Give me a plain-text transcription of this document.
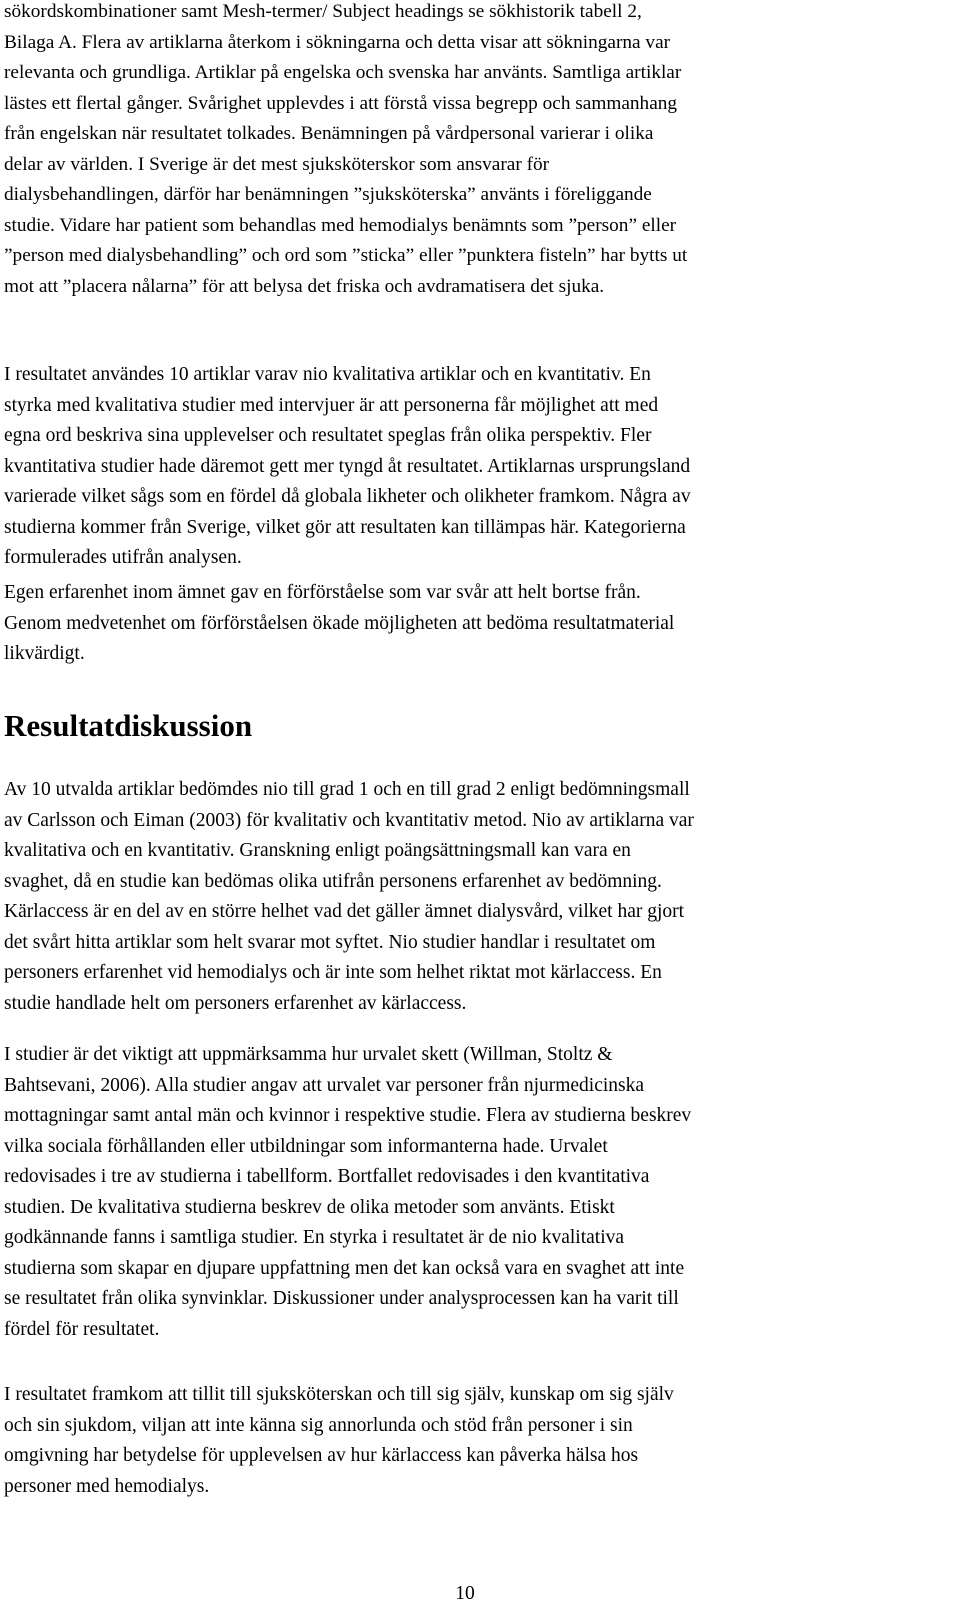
sökordskombinationer samt Mesh-termer/ Subject headings se sökhistorik tabell 2,
Bilaga A. Flera av artiklarna återkom i sökningarna och detta visar att sökningarna var
relevanta och grundliga. Artiklar på engelska och svenska har använts. Samtliga artiklar
lästes ett flertal gånger. Svårighet upplevdes i att förstå vissa begrepp och sammanhang
från engelskan när resultatet tolkades. Benämningen på vårdpersonal varierar i olika
delar av världen. I Sverige är det mest sjuksköterskor som ansvarar för
dialysbehandlingen, därför har benämningen ”sjuksköterska” använts i föreliggande
studie. Vidare har patient som behandlas med hemodialys benämnts som ”person” eller
”person med dialysbehandling” och ord som ”sticka” eller ”punktera fisteln” har bytts ut
mot att ”placera nålarna” för att belysa det friska och avdramatisera det sjuka.

I resultatet användes 10 artiklar varav nio kvalitativa artiklar och en kvantitativ. En
styrka med kvalitativa studier med intervjuer är att personerna får möjlighet att med
egna ord beskriva sina upplevelser och resultatet speglas från olika perspektiv. Fler
kvantitativa studier hade däremot gett mer tyngd åt resultatet. Artiklarnas ursprungsland
varierade vilket sågs som en fördel då globala likheter och olikheter framkom. Några av
studierna kommer från Sverige, vilket gör att resultaten kan tillämpas här. Kategorierna
formulerades utifrån analysen.

Egen erfarenhet inom ämnet gav en förförståelse som var svår att helt bortse från.
Genom medvetenhet om förförståelsen ökade möjligheten att bedöma resultatmaterial
likvärdigt.

Resultatdiskussion

Av 10 utvalda artiklar bedömdes nio till grad 1 och en till grad 2 enligt bedömningsmall
av Carlsson och Eiman (2003) för kvalitativ och kvantitativ metod. Nio av artiklarna var
kvalitativa och en kvantitativ. Granskning enligt poängsättningsmall kan vara en
svaghet, då en studie kan bedömas olika utifrån personens erfarenhet av bedömning.
Kärlaccess är en del av en större helhet vad det gäller ämnet dialysvård, vilket har gjort
det svårt hitta artiklar som helt svarar mot syftet. Nio studier handlar i resultatet om
personers erfarenhet vid hemodialys och är inte som helhet riktat mot kärlaccess. En
studie handlade helt om personers erfarenhet av kärlaccess.

I studier är det viktigt att uppmärksamma hur urvalet skett (Willman, Stoltz &
Bahtsevani, 2006). Alla studier angav att urvalet var personer från njurmedicinska
mottagningar samt antal män och kvinnor i respektive studie. Flera av studierna beskrev
vilka sociala förhållanden eller utbildningar som informanterna hade. Urvalet
redovisades i tre av studierna i tabellform. Bortfallet redovisades i den kvantitativa
studien. De kvalitativa studierna beskrev de olika metoder som använts. Etiskt
godkännande fanns i samtliga studier. En styrka i resultatet är de nio kvalitativa
studierna som skapar en djupare uppfattning men det kan också vara en svaghet att inte
se resultatet från olika synvinklar. Diskussioner under analysprocessen kan ha varit till
fördel för resultatet.

I resultatet framkom att tillit till sjuksköterskan och till sig själv, kunskap om sig själv
och sin sjukdom, viljan att inte känna sig annorlunda och stöd från personer i sin
omgivning har betydelse för upplevelsen av hur kärlaccess kan påverka hälsa hos
personer med hemodialys.

10
